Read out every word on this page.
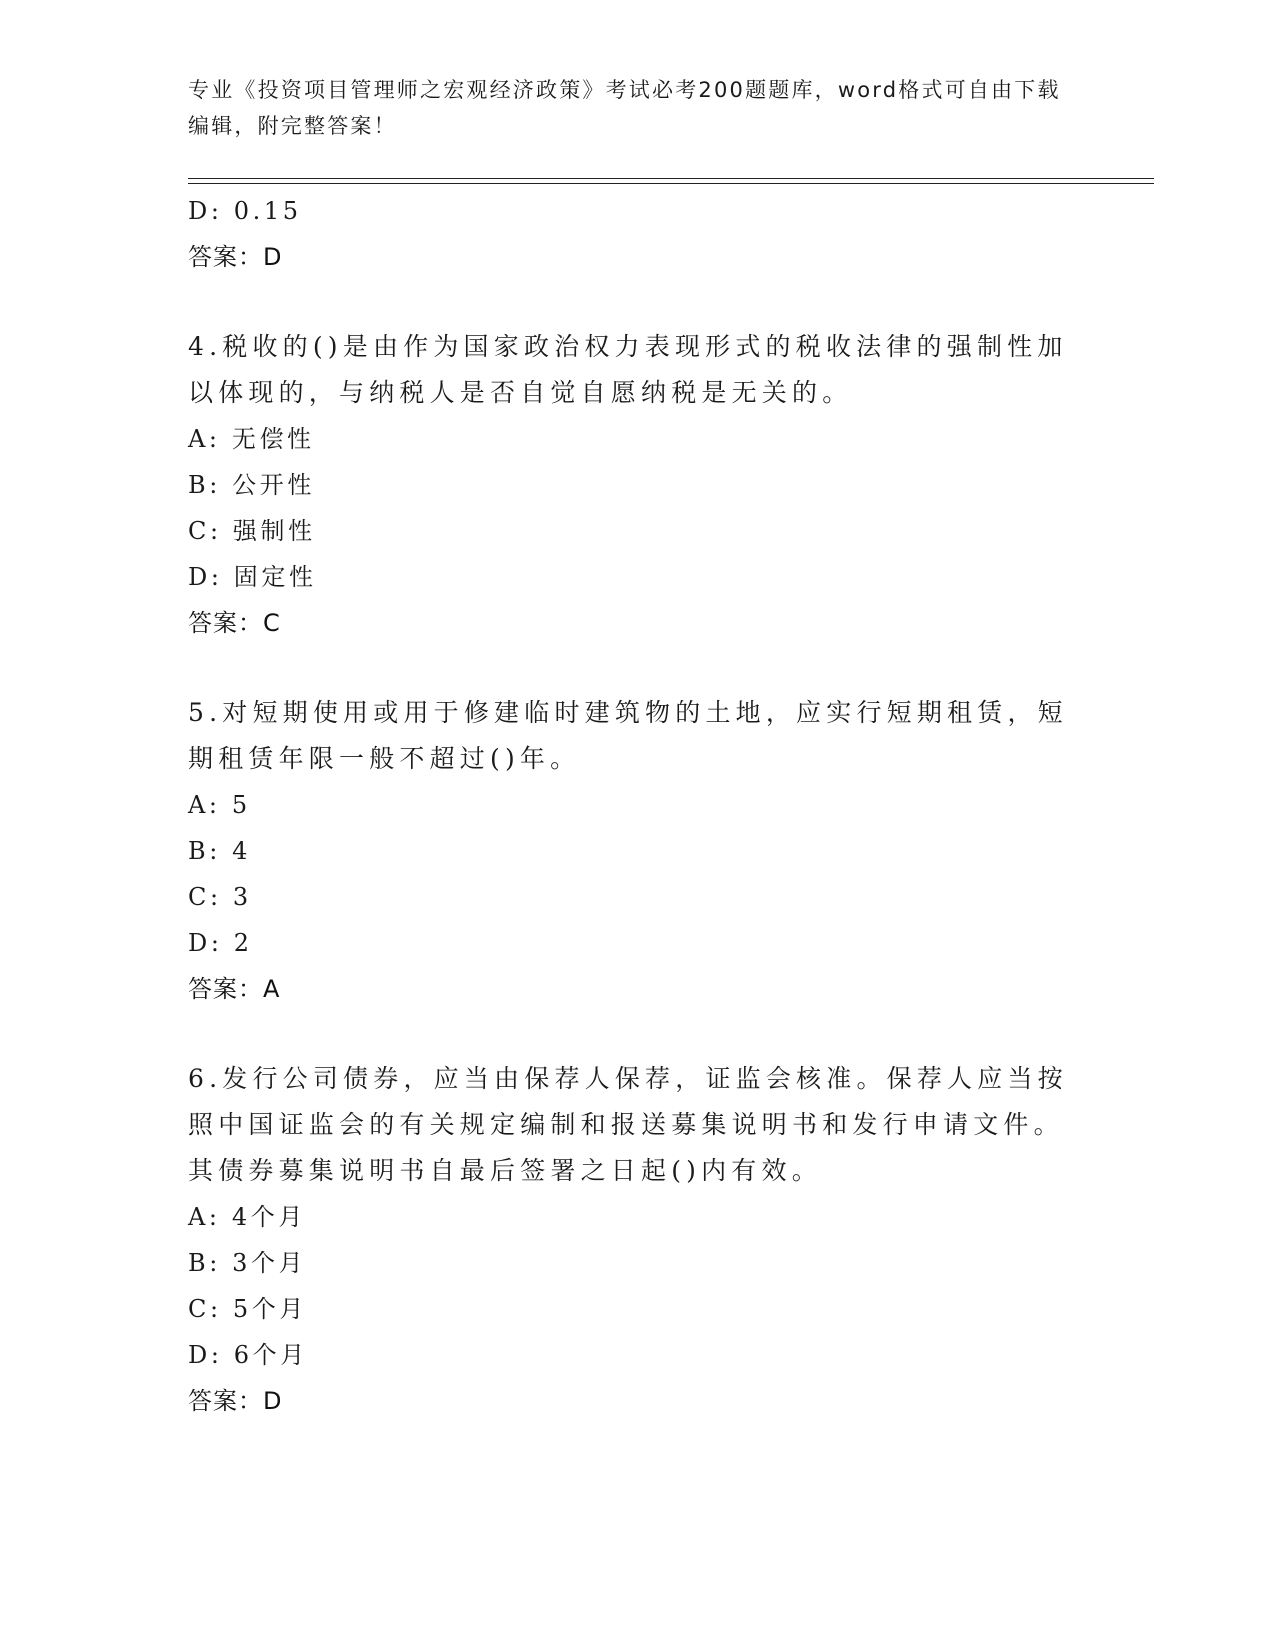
专业《投资项目管理师之宏观经济政策》考试必考200题题库，word格式可自由下载编辑，附完整答案！
D: 0.15
答案：D
4.税收的()是由作为国家政治权力表现形式的税收法律的强制性加以体现的，与纳税人是否自觉自愿纳税是无关的。
A: 无偿性
B: 公开性
C: 强制性
D: 固定性
答案：C
5.对短期使用或用于修建临时建筑物的土地，应实行短期租赁，短期租赁年限一般不超过()年。
A: 5
B: 4
C: 3
D: 2
答案：A
6.发行公司债券，应当由保荐人保荐，证监会核准。保荐人应当按照中国证监会的有关规定编制和报送募集说明书和发行申请文件。其债券募集说明书自最后签署之日起()内有效。
A: 4个月
B: 3个月
C: 5个月
D: 6个月
答案：D
